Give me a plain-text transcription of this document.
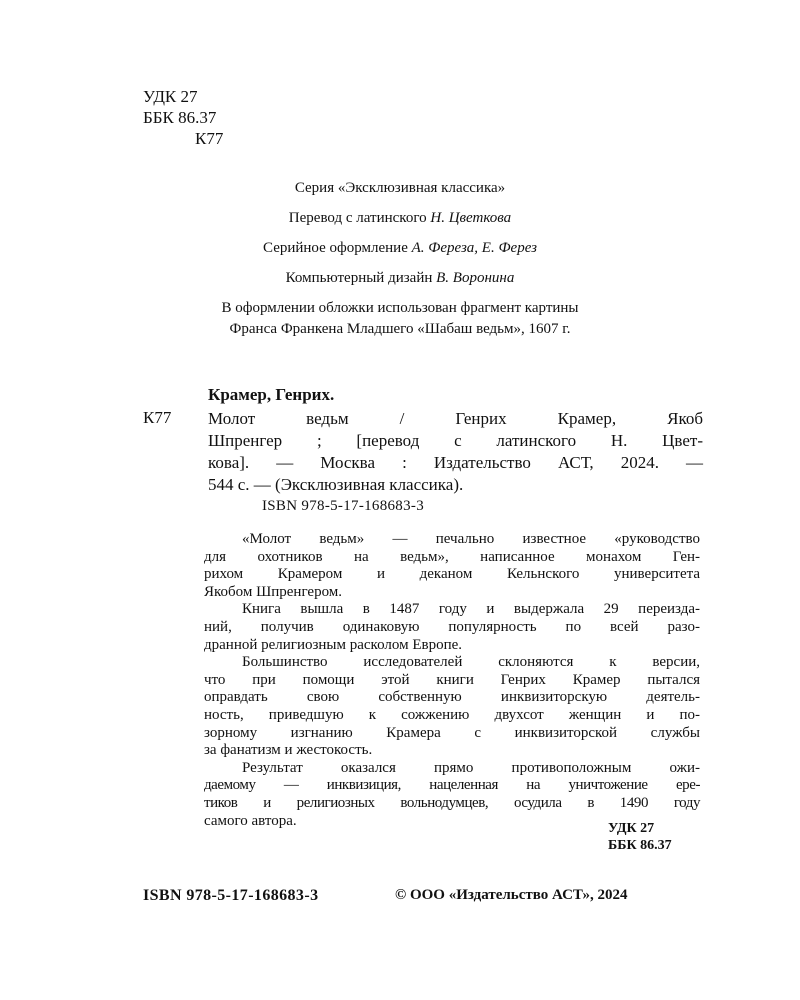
УДК 27
ББК 86.37
К77
Серия «Эксклюзивная классика»
Перевод с латинского Н. Цветкова
Серийное оформление А. Фереза, Е. Ферез
Компьютерный дизайн В. Воронина
В оформлении обложки использован фрагмент картины
Франса Франкена Младшего «Шабаш ведьм», 1607 г.
Крамер, Генрих.
К77 Молот ведьм / Генрих Крамер, Якоб
Шпренгер ; [перевод с латинского Н. Цвет-
кова]. — Москва : Издательство АСТ, 2024. —
544 с. — (Эксклюзивная классика).
ISBN 978-5-17-168683-3
«Молот ведьм» — печально известное «руководство
для охотников на ведьм», написанное монахом Ген-
рихом Крамером и деканом Кельнского университета
Якобом Шпренгером.
Книга вышла в 1487 году и выдержала 29 переизда-
ний, получив одинаковую популярность по всей разо-
дранной религиозным расколом Европе.
Большинство исследователей склоняются к версии,
что при помощи этой книги Генрих Крамер пытался
оправдать свою собственную инквизиторскую деятель-
ность, приведшую к сожжению двухсот женщин и по-
зорному изгнанию Крамера с инквизиторской службы
за фанатизм и жестокость.
Результат оказался прямо противоположным ожи-
даемому — инквизиция, нацеленная на уничтожение ере-
тиков и религиозных вольнодумцев, осудила в 1490 году
самого автора.	УДК 27
ББК 86.37
ISBN 978-5-17-168683-3	© ООО «Издательство АСТ», 2024
